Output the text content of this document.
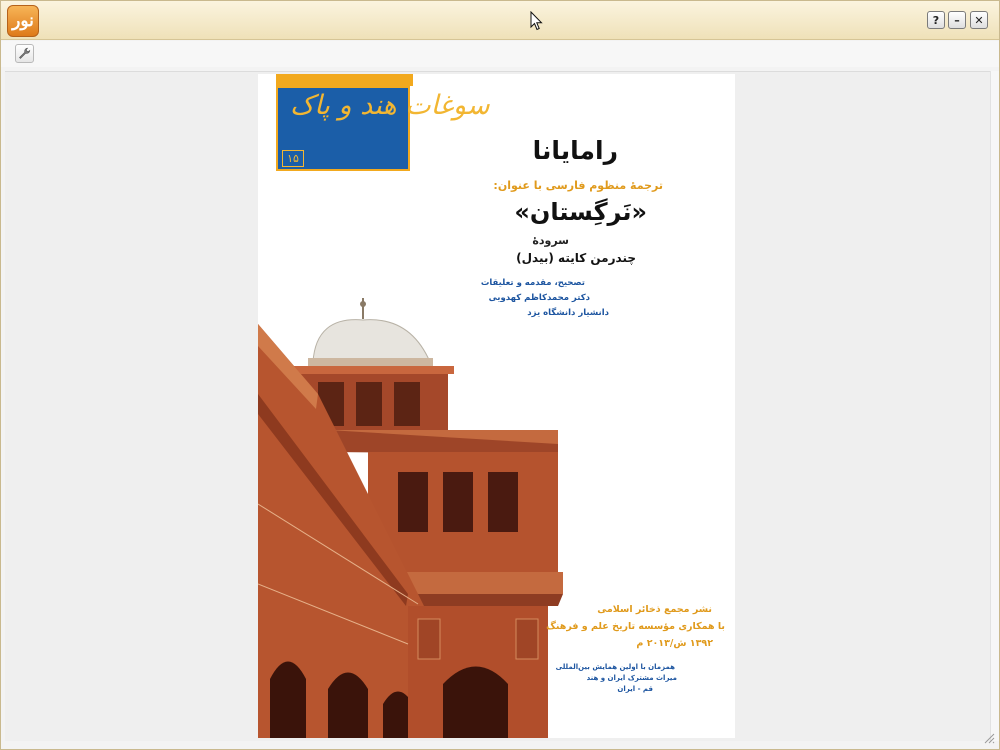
نور	?	–	✕
سوغات هند و پاک
۱۵	رامایانا
ترجمهٔ منظوم فارسی با عنوان:
«نَرگِستان»
سرودهٔ
چندرمن کایته (بیدل)
تصحیح، مقدمه و تعلیقات
دکتر محمدکاظم کهدویی
دانشیار دانشگاه یزد
نشر مجمع ذخائر اسلامی
با همکاری مؤسسه تاریخ علم و فرهنگ
۱۳۹۲ ش/۲۰۱۳ م
همزمان با اولین همایش بین‌المللی
میراث مشترک ایران و هند
قم - ایران
